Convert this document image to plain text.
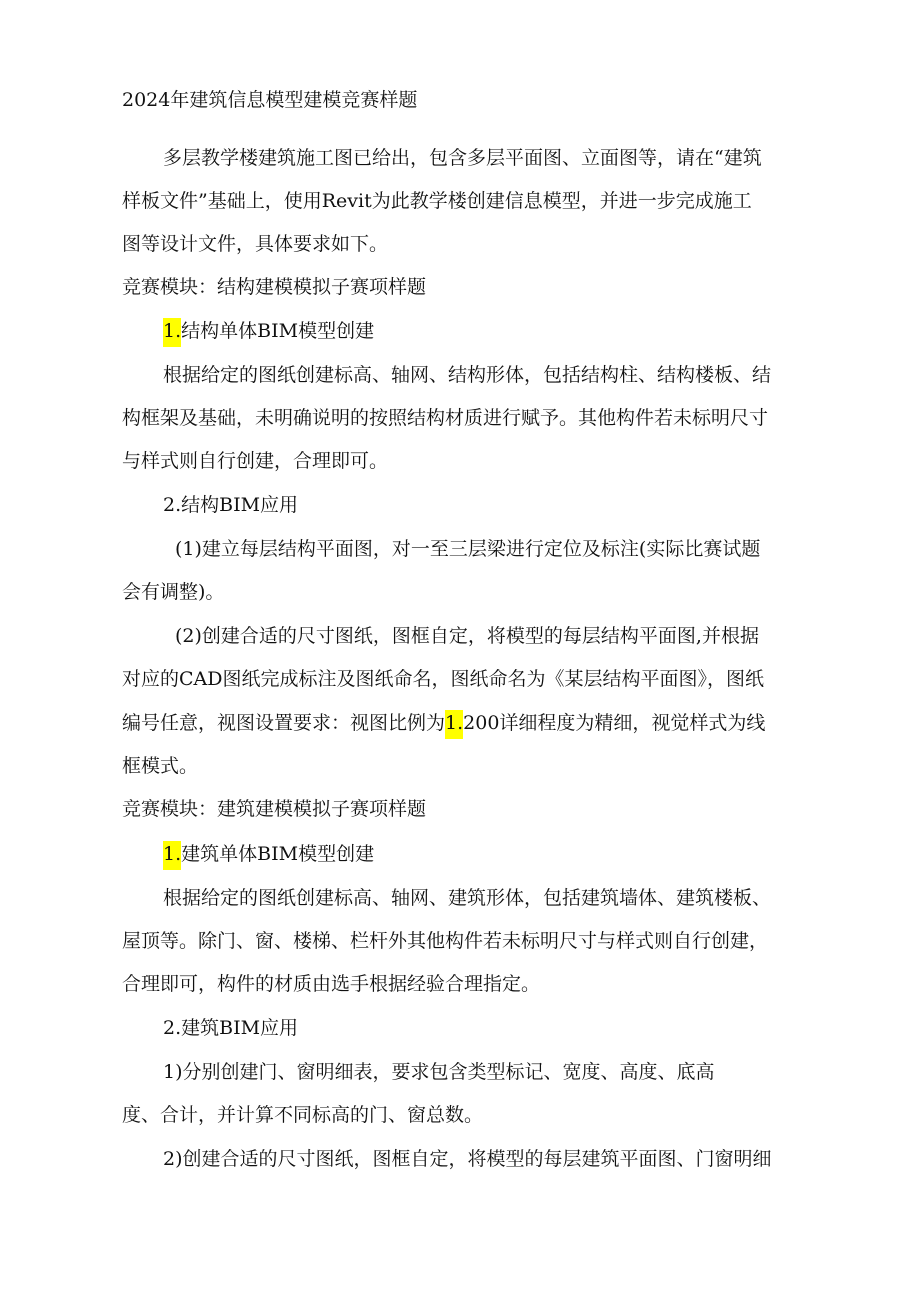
2024年建筑信息模型建模竞赛样题
多层教学楼建筑施工图已给出，包含多层平面图、立面图等，请在“建筑
样板文件”基础上，使用Revit为此教学楼创建信息模型，并进一步完成施工
图等设计文件，具体要求如下。
竞赛模块：结构建模模拟子赛项样题
1.结构单体BIM模型创建
根据给定的图纸创建标高、轴网、结构形体，包括结构柱、结构楼板、结
构框架及基础，未明确说明的按照结构材质进行赋予。其他构件若未标明尺寸
与样式则自行创建，合理即可。
2.结构BIM应用
(1)建立每层结构平面图，对一至三层梁进行定位及标注(实际比赛试题
会有调整)。
(2)创建合适的尺寸图纸，图框自定，将模型的每层结构平面图,并根据
对应的CAD图纸完成标注及图纸命名，图纸命名为《某层结构平面图》，图纸
编号任意，视图设置要求：视图比例为1.200详细程度为精细，视觉样式为线
框模式。
竞赛模块：建筑建模模拟子赛项样题
1.建筑单体BIM模型创建
根据给定的图纸创建标高、轴网、建筑形体，包括建筑墙体、建筑楼板、
屋顶等。除门、窗、楼梯、栏杆外其他构件若未标明尺寸与样式则自行创建，
合理即可，构件的材质由选手根据经验合理指定。
2.建筑BIM应用
1)分别创建门、窗明细表，要求包含类型标记、宽度、高度、底高
度、合计，并计算不同标高的门、窗总数。
2)创建合适的尺寸图纸，图框自定，将模型的每层建筑平面图、门窗明细
